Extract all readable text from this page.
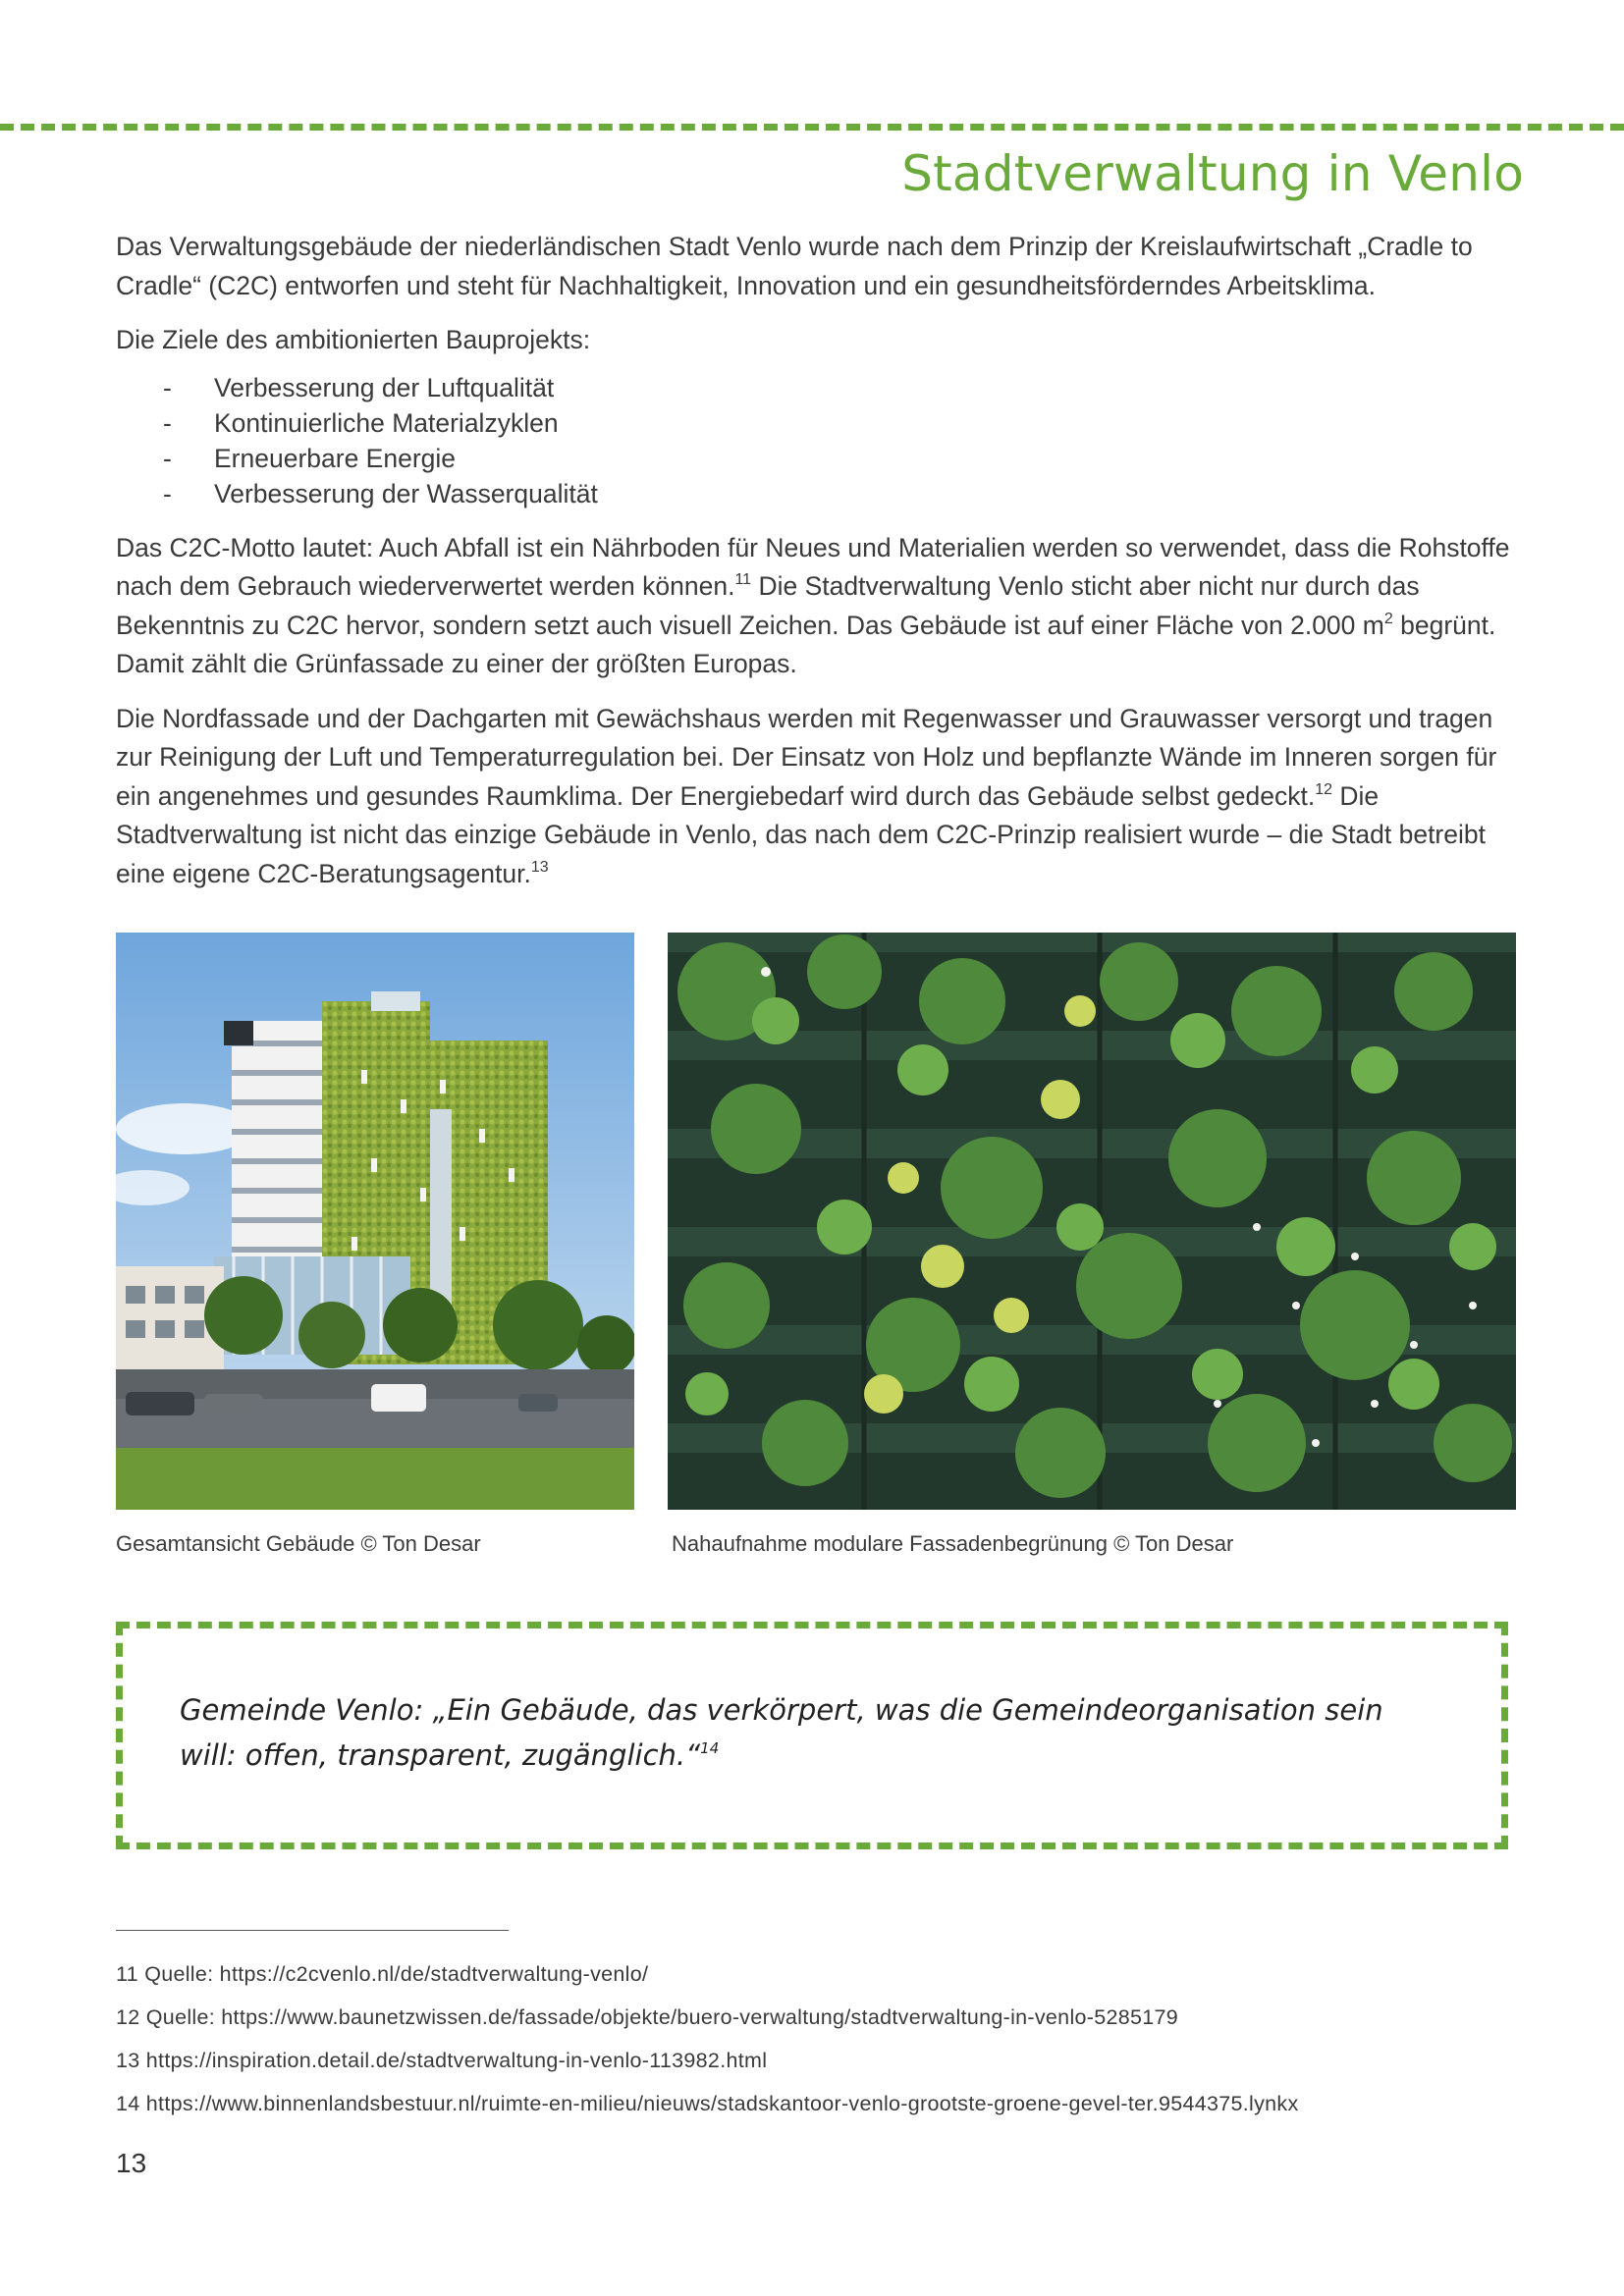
Stadtverwaltung in Venlo

Das Verwaltungsgebäude der niederländischen Stadt Venlo wurde nach dem Prinzip der Kreislaufwirtschaft „Cradle to Cradle“ (C2C) entworfen und steht für Nachhaltigkeit, Innovation und ein gesundheitsförderndes Arbeitsklima.

Die Ziele des ambitionierten Bauprojekts:

- Verbesserung der Luftqualität
- Kontinuierliche Materialzyklen
- Erneuerbare Energie
- Verbesserung der Wasserqualität

Das C2C-Motto lautet: Auch Abfall ist ein Nährboden für Neues und Materialien werden so verwendet, dass die Rohstoffe nach dem Gebrauch wiederverwertet werden können.$^{11}$ Die Stadtverwaltung Venlo sticht aber nicht nur durch das Bekenntnis zu C2C hervor, sondern setzt auch visuell Zeichen. Das Gebäude ist auf einer Fläche von 2.000 $m^2$ begrünt. Damit zählt die Grünfassade zu einer der größten Europas.

Die Nordfassade und der Dachgarten mit Gewächshaus werden mit Regenwasser und Grauwasser versorgt und tragen zur Reinigung der Luft und Temperaturregulation bei. Der Einsatz von Holz und bepflanzte Wände im Inneren sorgen für ein angenehmes und gesundes Raumklima. Der Energiebedarf wird durch das Gebäude selbst gedeckt.$^{12}$ Die Stadtverwaltung ist nicht das einzige Gebäude in Venlo, das nach dem C2C-Prinzip realisiert wurde – die Stadt betreibt eine eigene C2C-Beratungsagentur.$^{13}$

Gesamtansicht Gebäude © Ton Desar	Nahaufnahme modulare Fassadenbegrünung © Ton Desar
Gemeinde Venlo: „Ein Gebäude, das verkörpert, was die Gemeindeorganisation sein will: offen, transparent, zugänglich.“$^{14}$
11 Quelle: https://c2cvenlo.nl/de/stadtverwaltung-venlo/
12 Quelle: https://www.baunetzwissen.de/fassade/objekte/buero-verwaltung/stadtverwaltung-in-venlo-5285179
13 https://inspiration.detail.de/stadtverwaltung-in-venlo-113982.html
14 https://www.binnenlandsbestuur.nl/ruimte-en-milieu/nieuws/stadskantoor-venlo-grootste-groene-gevel-ter.9544375.lynkx
13
